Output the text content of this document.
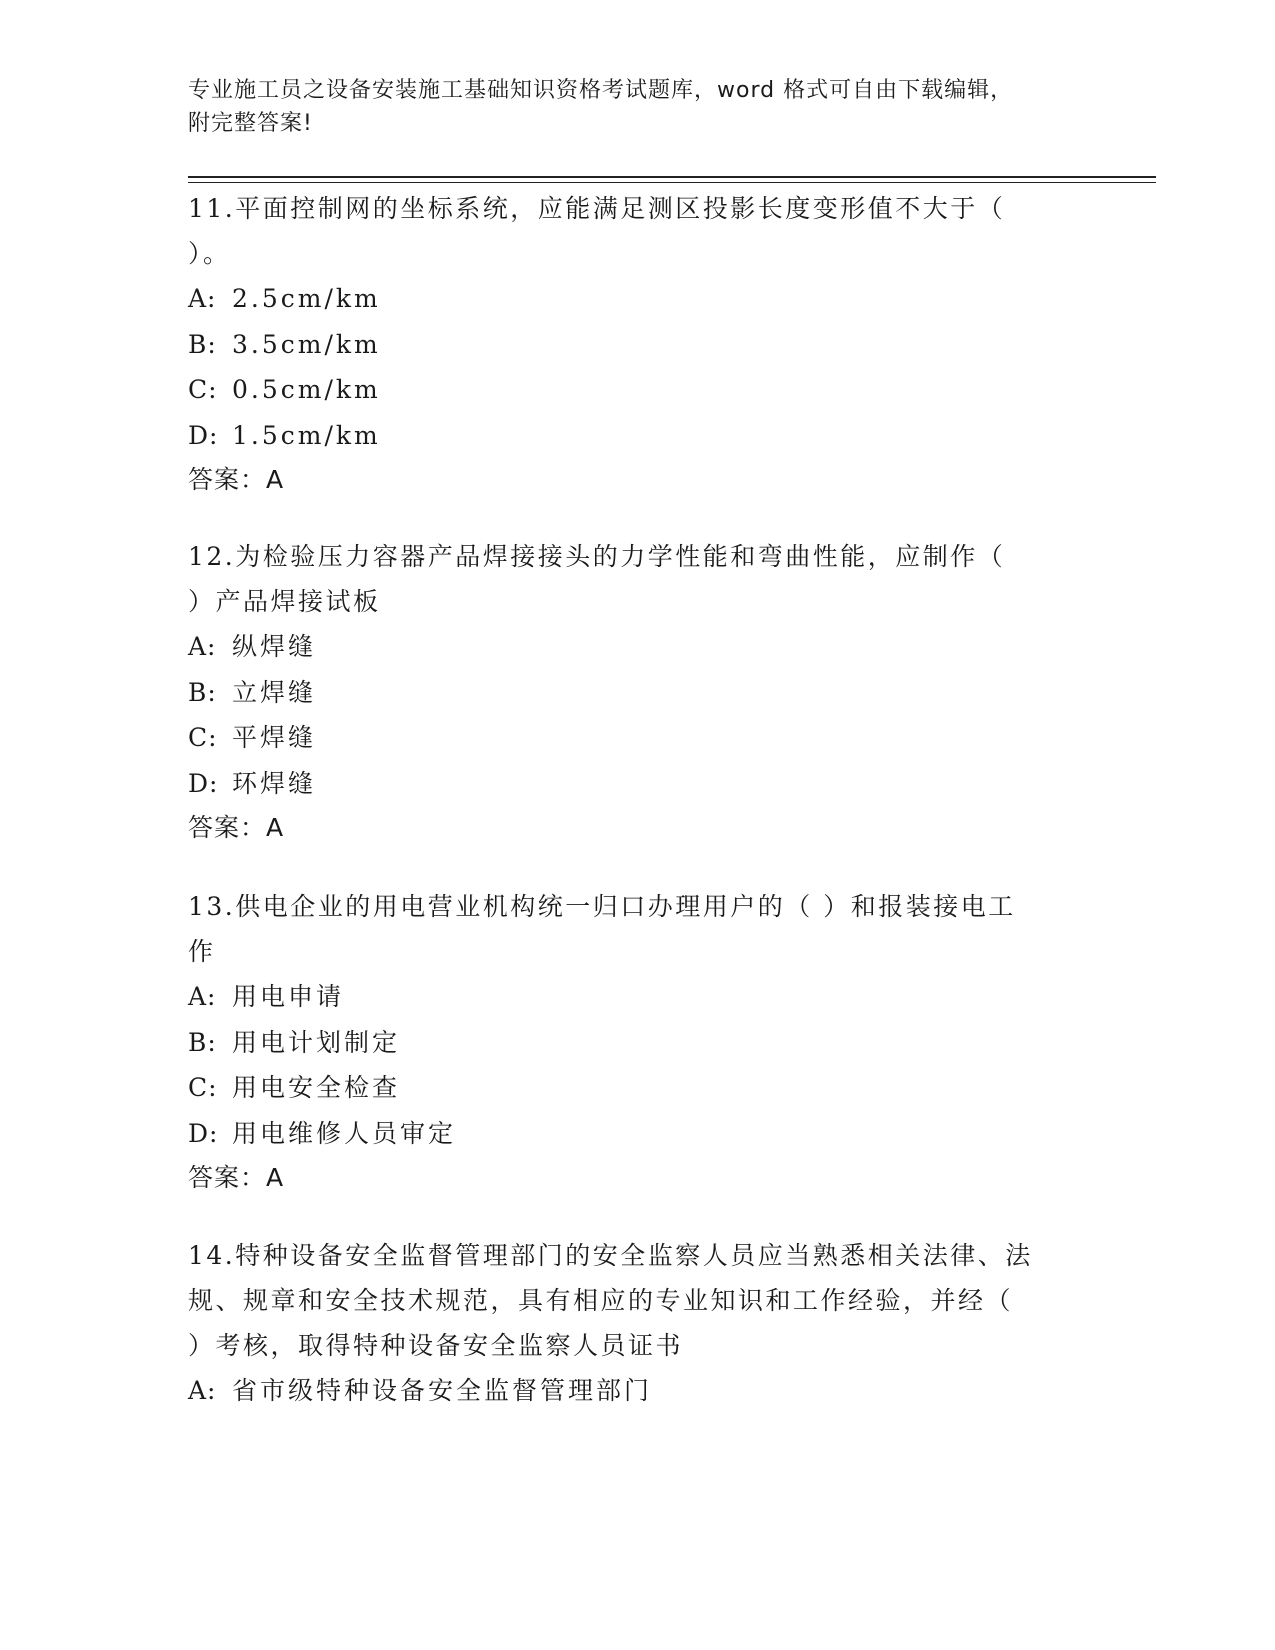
专业施工员之设备安装施工基础知识资格考试题库，word 格式可自由下载编辑，
附完整答案!

11.平面控制网的坐标系统，应能满足测区投影长度变形值不大于（

）。

A: 2.5cm/km

B: 3.5cm/km

C: 0.5cm/km

D: 1.5cm/km

答案：A

12.为检验压力容器产品焊接接头的力学性能和弯曲性能，应制作（

）产品焊接试板

A: 纵焊缝

B: 立焊缝

C: 平焊缝

D: 环焊缝

答案：A

13.供电企业的用电营业机构统一归口办理用户的（ ）和报装接电工

作

A: 用电申请

B: 用电计划制定

C: 用电安全检查

D: 用电维修人员审定

答案：A

14.特种设备安全监督管理部门的安全监察人员应当熟悉相关法律、法

规、规章和安全技术规范，具有相应的专业知识和工作经验，并经（

）考核，取得特种设备安全监察人员证书

A: 省市级特种设备安全监督管理部门
